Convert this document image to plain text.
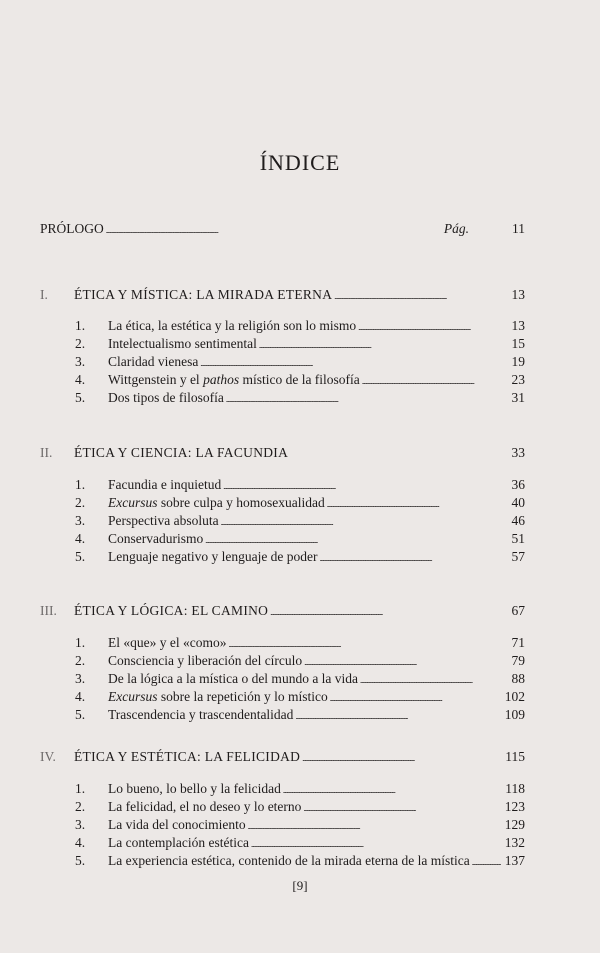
ÍNDICE
PRÓLOGO . . .	Pág.	11
I.	ÉTICA Y MÍSTICA: LA MIRADA ETERNA . . .	13
1.	La ética, la estética y la religión son lo mismo . . .	13
2.	Intelectualismo sentimental . . .	15
3.	Claridad vienesa . . .	19
4.	Wittgenstein y el pathos místico de la filosofía . . .	23
5.	Dos tipos de filosofía . . .	31
II.	ÉTICA Y CIENCIA: LA FACUNDIA	33
1.	Facundia e inquietud . . .	36
2.	Excursus sobre culpa y homosexualidad . . .	40
3.	Perspectiva absoluta . . .	46
4.	Conservadurismo . . .	51
5.	Lenguaje negativo y lenguaje de poder . . .	57
III.	ÉTICA Y LÓGICA: EL CAMINO . . .	67
1.	El «que» y el «como» . . .	71
2.	Consciencia y liberación del círculo . . .	79
3.	De la lógica a la mística o del mundo a la vida . . .	88
4.	Excursus sobre la repetición y lo místico . . .	102
5.	Trascendencia y trascendentalidad . . .	109
IV.	ÉTICA Y ESTÉTICA: LA FELICIDAD . . .	115
1.	Lo bueno, lo bello y la felicidad . . .	118
2.	La felicidad, el no deseo y lo eterno . . .	123
3.	La vida del conocimiento . . .	129
4.	La contemplación estética . . .	132
5.	La experiencia estética, contenido de la mirada eterna de la mística . . .	137
[9]
